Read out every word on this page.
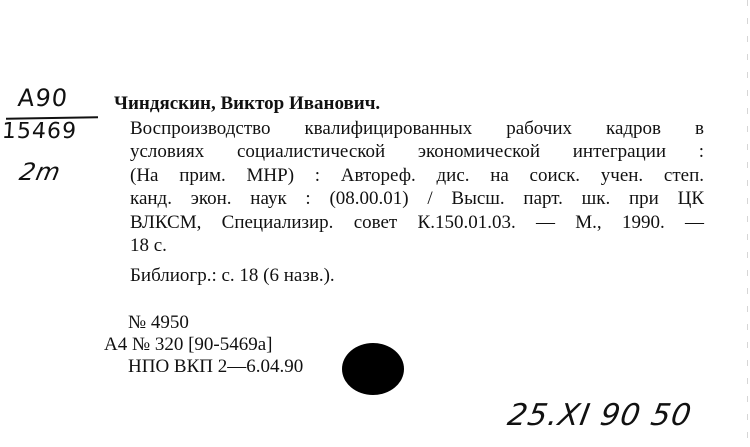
A90
15469
2m
Чиндяскин, Виктор Иванович.
Воспроизводство квалифицированных рабочих кадров в
условиях социалистической экономической интеграции :
(На прим. МНР) : Автореф. дис. на соиск. учен. степ.
канд. экон. наук : (08.00.01) / Высш. парт. шк. при ЦК
ВЛКСМ, Специализир. совет К.150.01.03. — М., 1990. —
18 с.
Библиогр.: с. 18 (6 назв.).
№ 4950
А4 № 320 [90-5469а]
НПО ВКП 2—6.04.90
25.XI 90 50
